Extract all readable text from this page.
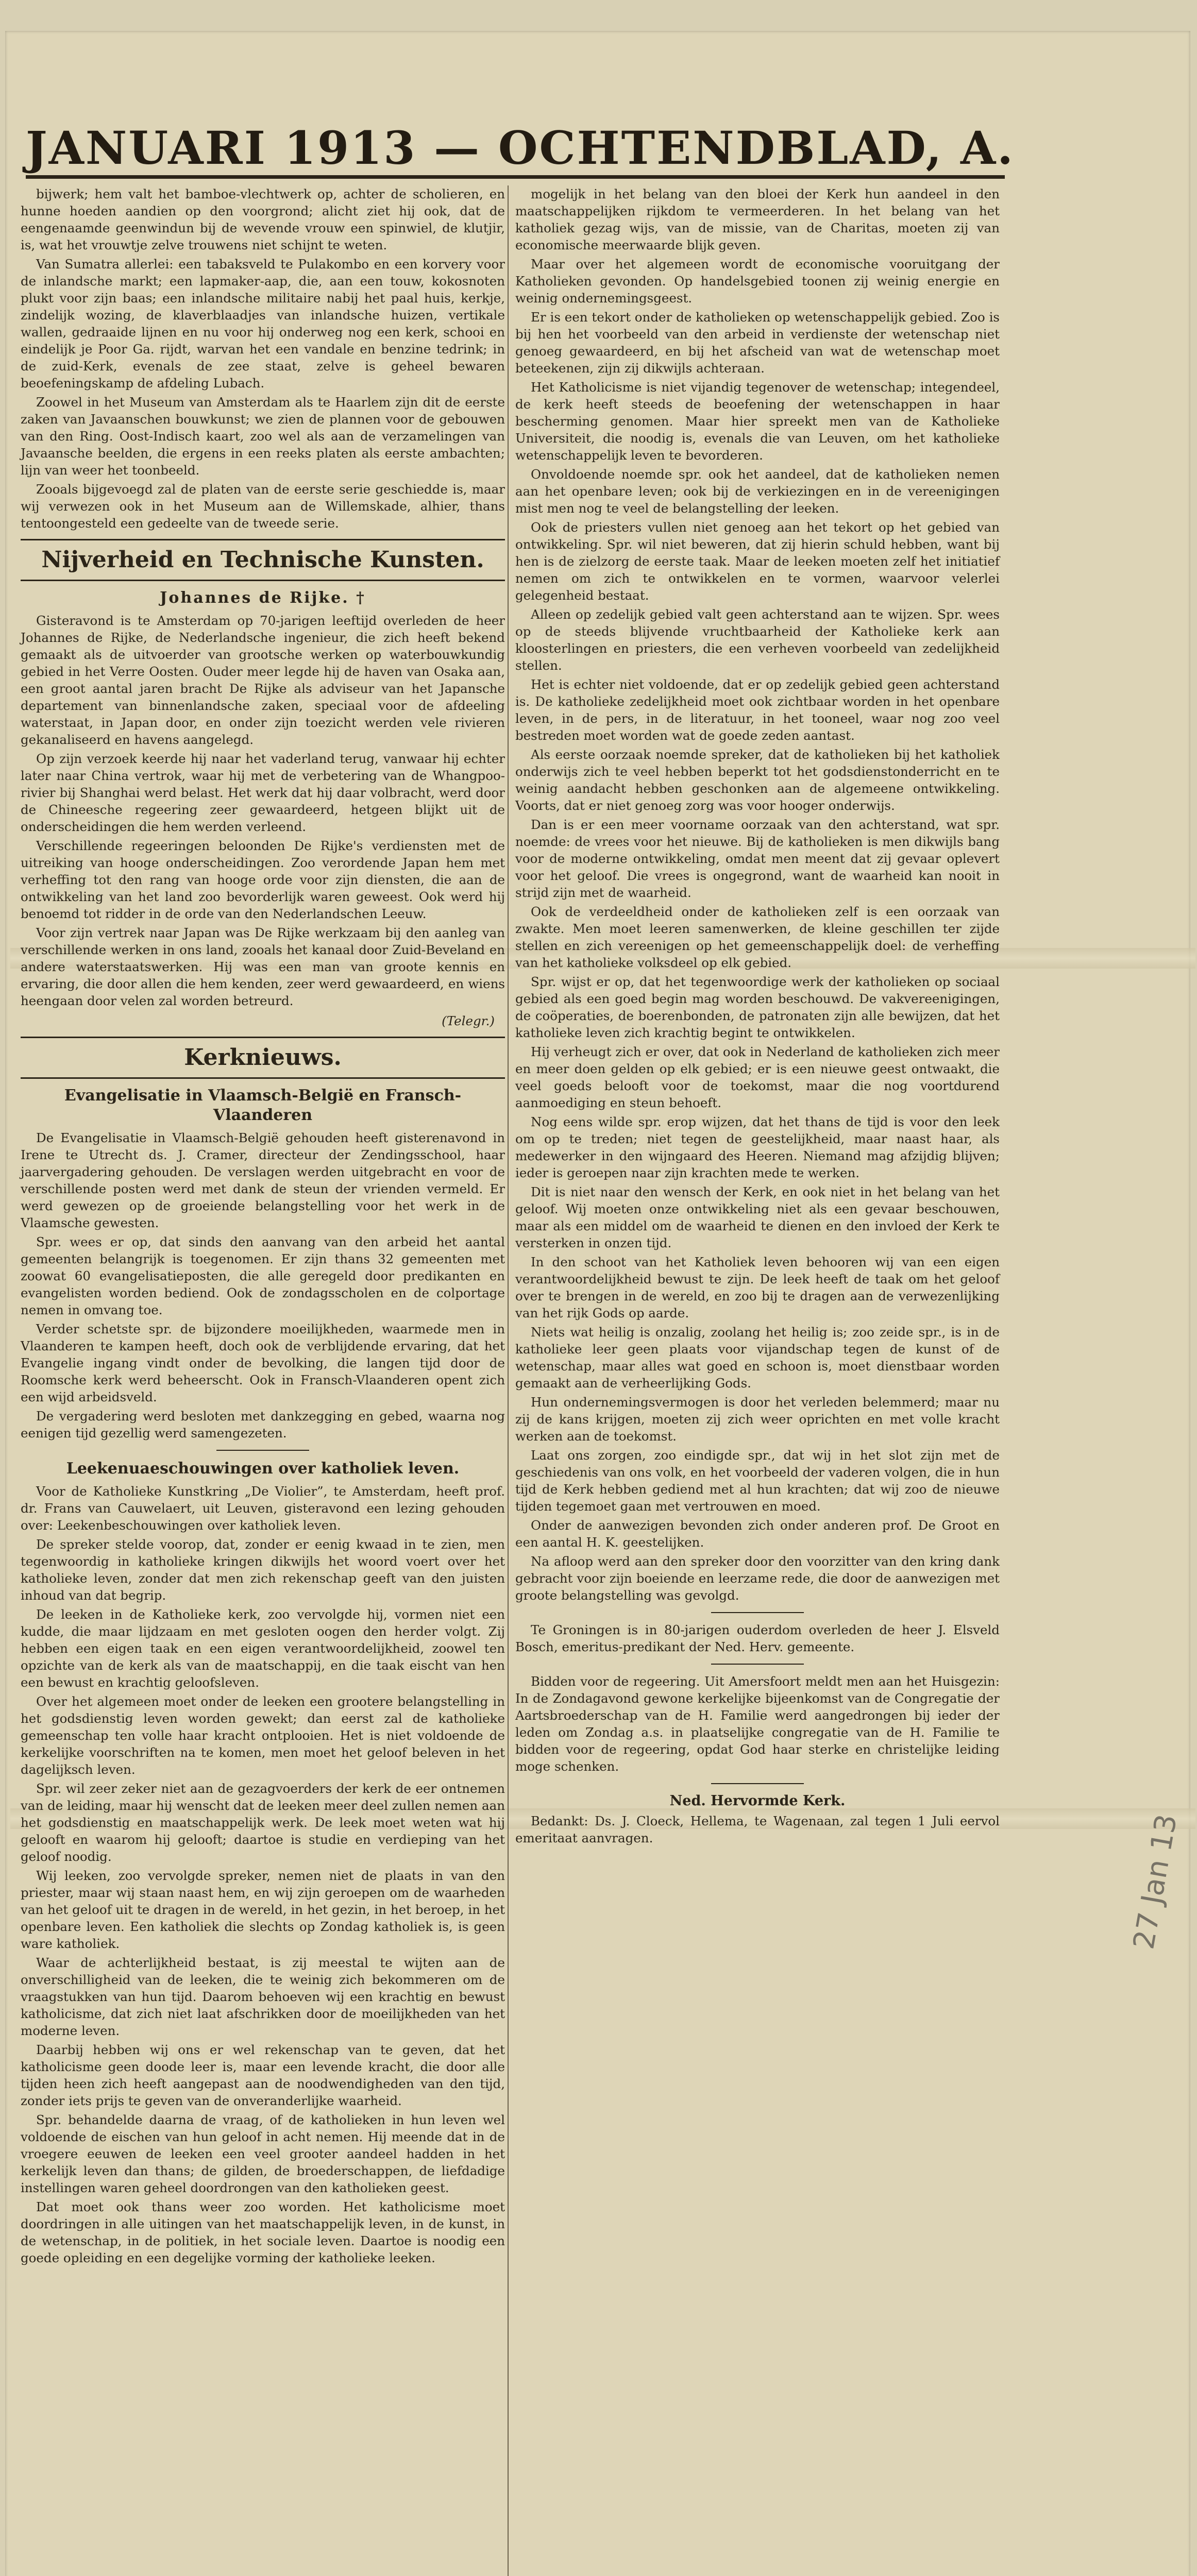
JANUARI 1913 — OCHTENDBLAD, A.

bijwerk; hem valt het bamboe-vlechtwerk op, achter de scholieren, en hunne hoeden aandien op den voorgrond; alicht ziet hij ook, dat de eengenaamde geenwindun bij de wevende vrouw een spinwiel, de klutjir, is, wat het vrouwtje zelve trouwens niet schijnt te weten.

Van Sumatra allerlei: een tabaksveld te Pulakombo en een korvery voor de inlandsche markt; een lapmaker-aap, die, aan een touw, kokosnoten plukt voor zijn baas; een inlandsche militaire nabij het paal huis, kerkje, zindelijk wozing, de klaverblaadjes van inlandsche huizen, vertikale wallen, gedraaide lijnen en nu voor hij onderweg nog een kerk, schooi en eindelijk je Poor Ga. rijdt, warvan het een vandale en benzine tedrink; in de zuid-Kerk, evenals de zee staat, zelve is geheel bewaren beoefeningskamp de afdeling Lubach.

Zoowel in het Museum van Amsterdam als te Haarlem zijn dit de eerste zaken van Javaanschen bouwkunst; we zien de plannen voor de gebouwen van den Ring. Oost-Indisch kaart, zoo wel als aan de verzamelingen van Javaansche beelden, die ergens in een reeks platen als eerste ambachten; lijn van weer het toonbeeld.

Zooals bijgevoegd zal de platen van de eerste serie geschiedde is, maar wij verwezen ook in het Museum aan de Willemskade, alhier, thans tentoongesteld een gedeelte van de tweede serie.

Nijverheid en Technische Kunsten.
Johannes de Rijke. †

Gisteravond is te Amsterdam op 70-jarigen leeftijd overleden de heer Johannes de Rijke, de Nederlandsche ingenieur, die zich heeft bekend gemaakt als de uitvoerder van grootsche werken op waterbouwkundig gebied in het Verre Oosten. Ouder meer legde hij de haven van Osaka aan, een groot aantal jaren bracht De Rijke als adviseur van het Japansche departement van binnenlandsche zaken, speciaal voor de afdeeling waterstaat, in Japan door, en onder zijn toezicht werden vele rivieren gekanaliseerd en havens aangelegd.

Op zijn verzoek keerde hij naar het vaderland terug, vanwaar hij echter later naar China vertrok, waar hij met de verbetering van de Whangpoo-rivier bij Shanghai werd belast. Het werk dat hij daar volbracht, werd door de Chineesche regeering zeer gewaardeerd, hetgeen blijkt uit de onderscheidingen die hem werden verleend.

Verschillende regeeringen beloonden De Rijke's verdiensten met de uitreiking van hooge onderscheidingen. Zoo verordende Japan hem met verheffing tot den rang van hooge orde voor zijn diensten, die aan de ontwikkeling van het land zoo bevorderlijk waren geweest. Ook werd hij benoemd tot ridder in de orde van den Nederlandschen Leeuw.

Voor zijn vertrek naar Japan was De Rijke werkzaam bij den aanleg van verschillende werken in ons land, zooals het kanaal door Zuid-Beveland en andere waterstaatswerken. Hij was een man van groote kennis en ervaring, die door allen die hem kenden, zeer werd gewaardeerd, en wiens heengaan door velen zal worden betreurd.

(Telegr.)
Kerknieuws.
Evangelisatie in Vlaamsch-België en Fransch-Vlaanderen

De Evangelisatie in Vlaamsch-België gehouden heeft gisterenavond in Irene te Utrecht ds. J. Cramer, directeur der Zendingsschool, haar jaarvergadering gehouden. De verslagen werden uitgebracht en voor de verschillende posten werd met dank de steun der vrienden vermeld. Er werd gewezen op de groeiende belangstelling voor het werk in de Vlaamsche gewesten.

Spr. wees er op, dat sinds den aanvang van den arbeid het aantal gemeenten belangrijk is toegenomen. Er zijn thans 32 gemeenten met zoowat 60 evangelisatieposten, die alle geregeld door predikanten en evangelisten worden bediend. Ook de zondagsscholen en de colportage nemen in omvang toe.

Verder schetste spr. de bijzondere moeilijkheden, waarmede men in Vlaanderen te kampen heeft, doch ook de verblijdende ervaring, dat het Evangelie ingang vindt onder de bevolking, die langen tijd door de Roomsche kerk werd beheerscht. Ook in Fransch-Vlaanderen opent zich een wijd arbeidsveld.

De vergadering werd besloten met dankzegging en gebed, waarna nog eenigen tijd gezellig werd samengezeten.

Leekenuaeschouwingen over katholiek leven.

Voor de Katholieke Kunstkring „De Violier”, te Amsterdam, heeft prof. dr. Frans van Cauwelaert, uit Leuven, gisteravond een lezing gehouden over: Leekenbeschouwingen over katholiek leven.

De spreker stelde voorop, dat, zonder er eenig kwaad in te zien, men tegenwoordig in katholieke kringen dikwijls het woord voert over het katholieke leven, zonder dat men zich rekenschap geeft van den juisten inhoud van dat begrip.

De leeken in de Katholieke kerk, zoo vervolgde hij, vormen niet een kudde, die maar lijdzaam en met gesloten oogen den herder volgt. Zij hebben een eigen taak en een eigen verantwoordelijkheid, zoowel ten opzichte van de kerk als van de maatschappij, en die taak eischt van hen een bewust en krachtig geloofsleven.

Over het algemeen moet onder de leeken een grootere belangstelling in het godsdienstig leven worden gewekt; dan eerst zal de katholieke gemeenschap ten volle haar kracht ontplooien. Het is niet voldoende de kerkelijke voorschriften na te komen, men moet het geloof beleven in het dagelijksch leven.

Spr. wil zeer zeker niet aan de gezagvoerders der kerk de eer ontnemen van de leiding, maar hij wenscht dat de leeken meer deel zullen nemen aan het godsdienstig en maatschappelijk werk. De leek moet weten wat hij gelooft en waarom hij gelooft; daartoe is studie en verdieping van het geloof noodig.

Wij leeken, zoo vervolgde spreker, nemen niet de plaats in van den priester, maar wij staan naast hem, en wij zijn geroepen om de waarheden van het geloof uit te dragen in de wereld, in het gezin, in het beroep, in het openbare leven. Een katholiek die slechts op Zondag katholiek is, is geen ware katholiek.

Waar de achterlijkheid bestaat, is zij meestal te wijten aan de onverschilligheid van de leeken, die te weinig zich bekommeren om de vraagstukken van hun tijd. Daarom behoeven wij een krachtig en bewust katholicisme, dat zich niet laat afschrikken door de moeilijkheden van het moderne leven.

Daarbij hebben wij ons er wel rekenschap van te geven, dat het katholicisme geen doode leer is, maar een levende kracht, die door alle tijden heen zich heeft aangepast aan de noodwendigheden van den tijd, zonder iets prijs te geven van de onveranderlijke waarheid.

Spr. behandelde daarna de vraag, of de katholieken in hun leven wel voldoende de eischen van hun geloof in acht nemen. Hij meende dat in de vroegere eeuwen de leeken een veel grooter aandeel hadden in het kerkelijk leven dan thans; de gilden, de broederschappen, de liefdadige instellingen waren geheel doordrongen van den katholieken geest.

Dat moet ook thans weer zoo worden. Het katholicisme moet doordringen in alle uitingen van het maatschappelijk leven, in de kunst, in de wetenschap, in de politiek, in het sociale leven. Daartoe is noodig een goede opleiding en een degelijke vorming der katholieke leeken.

mogelijk in het belang van den bloei der Kerk hun aandeel in den maatschappelijken rijkdom te vermeerderen. In het belang van het katholiek gezag wijs, van de missie, van de Charitas, moeten zij van economische meerwaarde blijk geven.

Maar over het algemeen wordt de economische vooruitgang der Katholieken gevonden. Op handelsgebied toonen zij weinig energie en weinig ondernemingsgeest.

Er is een tekort onder de katholieken op wetenschappelijk gebied. Zoo is bij hen het voorbeeld van den arbeid in verdienste der wetenschap niet genoeg gewaardeerd, en bij het afscheid van wat de wetenschap moet beteekenen, zijn zij dikwijls achteraan.

Het Katholicisme is niet vijandig tegenover de wetenschap; integendeel, de kerk heeft steeds de beoefening der wetenschappen in haar bescherming genomen. Maar hier spreekt men van de Katholieke Universiteit, die noodig is, evenals die van Leuven, om het katholieke wetenschappelijk leven te bevorderen.

Onvoldoende noemde spr. ook het aandeel, dat de katholieken nemen aan het openbare leven; ook bij de verkiezingen en in de vereenigingen mist men nog te veel de belangstelling der leeken.

Ook de priesters vullen niet genoeg aan het tekort op het gebied van ontwikkeling. Spr. wil niet beweren, dat zij hierin schuld hebben, want bij hen is de zielzorg de eerste taak. Maar de leeken moeten zelf het initiatief nemen om zich te ontwikkelen en te vormen, waarvoor velerlei gelegenheid bestaat.

Alleen op zedelijk gebied valt geen achterstand aan te wijzen. Spr. wees op de steeds blijvende vruchtbaarheid der Katholieke kerk aan kloosterlingen en priesters, die een verheven voorbeeld van zedelijkheid stellen.

Het is echter niet voldoende, dat er op zedelijk gebied geen achterstand is. De katholieke zedelijkheid moet ook zichtbaar worden in het openbare leven, in de pers, in de literatuur, in het tooneel, waar nog zoo veel bestreden moet worden wat de goede zeden aantast.

Als eerste oorzaak noemde spreker, dat de katholieken bij het katholiek onderwijs zich te veel hebben beperkt tot het godsdienstonderricht en te weinig aandacht hebben geschonken aan de algemeene ontwikkeling. Voorts, dat er niet genoeg zorg was voor hooger onderwijs.

Dan is er een meer voorname oorzaak van den achterstand, wat spr. noemde: de vrees voor het nieuwe. Bij de katholieken is men dikwijls bang voor de moderne ontwikkeling, omdat men meent dat zij gevaar oplevert voor het geloof. Die vrees is ongegrond, want de waarheid kan nooit in strijd zijn met de waarheid.

Ook de verdeeldheid onder de katholieken zelf is een oorzaak van zwakte. Men moet leeren samenwerken, de kleine geschillen ter zijde stellen en zich vereenigen op het gemeenschappelijk doel: de verheffing van het katholieke volksdeel op elk gebied.

Spr. wijst er op, dat het tegenwoordige werk der katholieken op sociaal gebied als een goed begin mag worden beschouwd. De vakvereenigingen, de coöperaties, de boerenbonden, de patronaten zijn alle bewijzen, dat het katholieke leven zich krachtig begint te ontwikkelen.

Hij verheugt zich er over, dat ook in Nederland de katholieken zich meer en meer doen gelden op elk gebied; er is een nieuwe geest ontwaakt, die veel goeds belooft voor de toekomst, maar die nog voortdurend aanmoediging en steun behoeft.

Nog eens wilde spr. erop wijzen, dat het thans de tijd is voor den leek om op te treden; niet tegen de geestelijkheid, maar naast haar, als medewerker in den wijngaard des Heeren. Niemand mag afzijdig blijven; ieder is geroepen naar zijn krachten mede te werken.

Dit is niet naar den wensch der Kerk, en ook niet in het belang van het geloof. Wij moeten onze ontwikkeling niet als een gevaar beschouwen, maar als een middel om de waarheid te dienen en den invloed der Kerk te versterken in onzen tijd.

In den schoot van het Katholiek leven behooren wij van een eigen verantwoordelijkheid bewust te zijn. De leek heeft de taak om het geloof over te brengen in de wereld, en zoo bij te dragen aan de verwezenlijking van het rijk Gods op aarde.

Niets wat heilig is onzalig, zoolang het heilig is; zoo zeide spr., is in de katholieke leer geen plaats voor vijandschap tegen de kunst of de wetenschap, maar alles wat goed en schoon is, moet dienstbaar worden gemaakt aan de verheerlijking Gods.

Hun ondernemingsvermogen is door het verleden belemmerd; maar nu zij de kans krijgen, moeten zij zich weer oprichten en met volle kracht werken aan de toekomst.

Laat ons zorgen, zoo eindigde spr., dat wij in het slot zijn met de geschiedenis van ons volk, en het voorbeeld der vaderen volgen, die in hun tijd de Kerk hebben gediend met al hun krachten; dat wij zoo de nieuwe tijden tegemoet gaan met vertrouwen en moed.

Onder de aanwezigen bevonden zich onder anderen prof. De Groot en een aantal H. K. geestelijken.

Na afloop werd aan den spreker door den voorzitter van den kring dank gebracht voor zijn boeiende en leerzame rede, die door de aanwezigen met groote belangstelling was gevolgd.

Te Groningen is in 80-jarigen ouderdom overleden de heer J. Elsveld Bosch, emeritus-predikant der Ned. Herv. gemeente.

Bidden voor de regeering. Uit Amersfoort meldt men aan het Huisgezin: In de Zondagavond gewone kerkelijke bijeenkomst van de Congregatie der Aartsbroederschap van de H. Familie werd aangedrongen bij ieder der leden om Zondag a.s. in plaatselijke congregatie van de H. Familie te bidden voor de regeering, opdat God haar sterke en christelijke leiding moge schenken.

Ned. Hervormde Kerk.

Bedankt: Ds. J. Cloeck, Hellema, te Wagenaan, zal tegen 1 Juli eervol emeritaat aanvragen.	27 Jan 13
